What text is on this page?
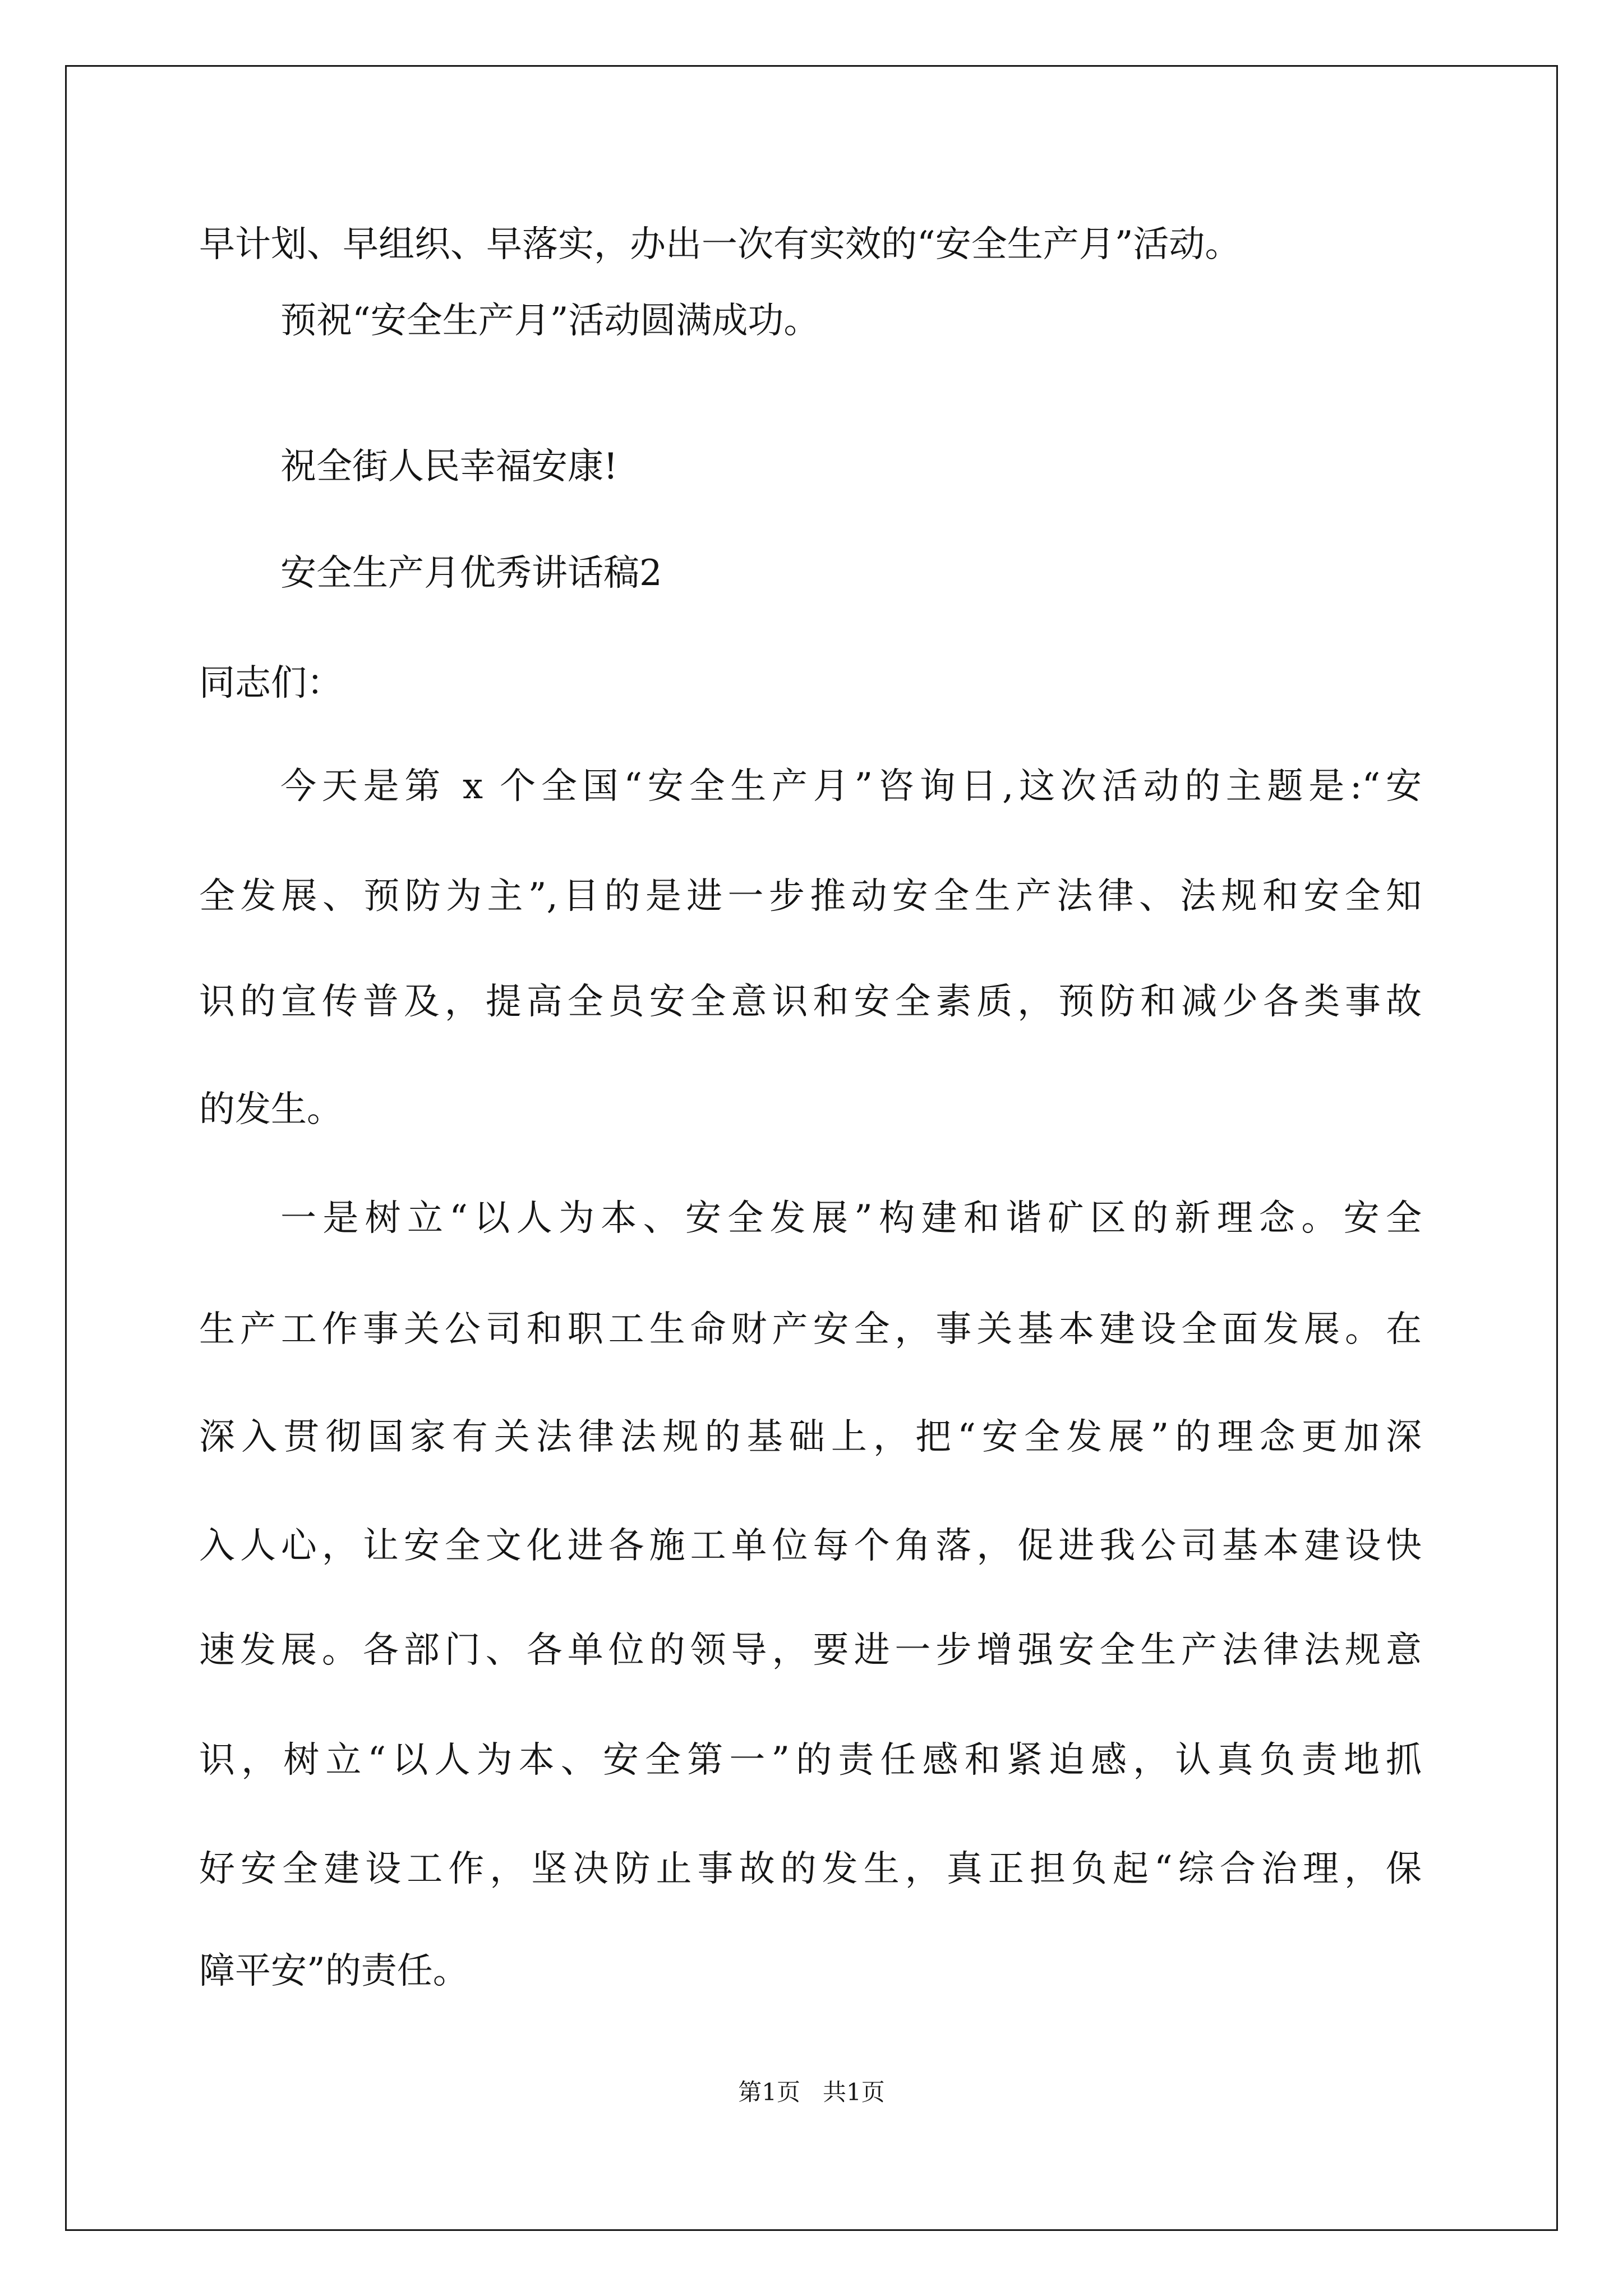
早计划、早组织、早落实，办出一次有实效的“安全生产月”活动。

预祝“安全生产月”活动圆满成功。

祝全街人民幸福安康!

安全生产月优秀讲话稿2

同志们：

今天是第 x 个全国“安全生产月”咨询日,这次活动的主题是:“安

全发展、预防为主”,目的是进一步推动安全生产法律、法规和安全知

识的宣传普及，提高全员安全意识和安全素质，预防和减少各类事故

的发生。

一是树立“以人为本、安全发展”构建和谐矿区的新理念。安全

生产工作事关公司和职工生命财产安全，事关基本建设全面发展。在

深入贯彻国家有关法律法规的基础上，把“安全发展”的理念更加深

入人心，让安全文化进各施工单位每个角落，促进我公司基本建设快

速发展。各部门、各单位的领导，要进一步增强安全生产法律法规意

识，树立“以人为本、安全第一”的责任感和紧迫感，认真负责地抓

好安全建设工作，坚决防止事故的发生，真正担负起“综合治理，保

障平安”的责任。

第1页   共1页
